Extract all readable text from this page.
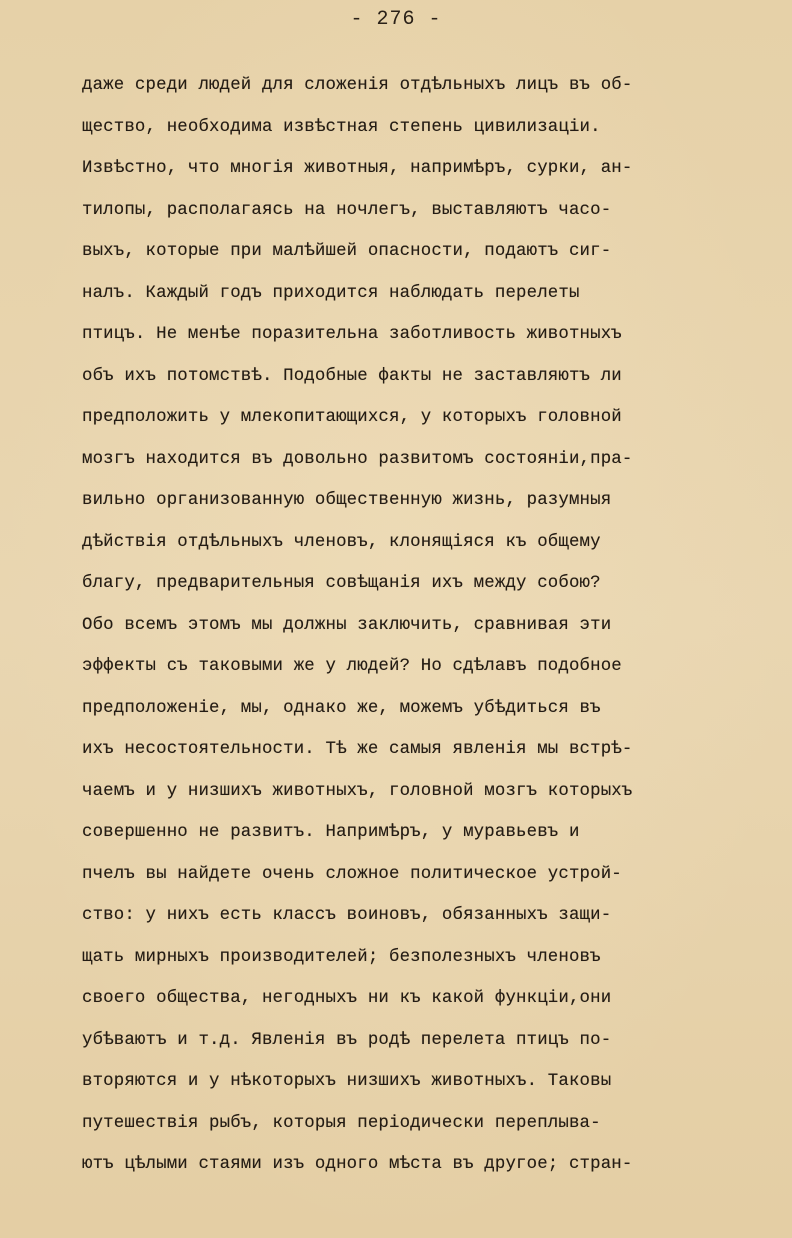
- 276 -
даже среди людей для сложенія отдѣльныхъ лицъ въ об-
щество, необходима извѣстная степень цивилизаціи.
Извѣстно, что многія животныя, напримѣръ, сурки, ан-
тилопы, располагаясь на ночлегъ, выставляютъ часо-
выхъ, которые при малѣйшей опасности, подаютъ сиг-
налъ. Каждый годъ приходится наблюдать перелеты
птицъ. Не менѣе поразительна заботливость животныхъ
объ ихъ потомствѣ. Подобные факты не заставляютъ ли
предположить у млекопитающихся, у которыхъ головной
мозгъ находится въ довольно развитомъ состояніи,пра-
вильно организованную общественную жизнь, разумныя
дѣйствія отдѣльныхъ членовъ, клонящіяся къ общему
благу, предварительныя совѣщанія ихъ между собою?
Обо всемъ этомъ мы должны заключить, сравнивая эти
эффекты съ таковыми же у людей? Но сдѣлавъ подобное
предположеніе, мы, однако же, можемъ убѣдиться въ
ихъ несостоятельности. Тѣ же самыя явленія мы встрѣ-
чаемъ и у низшихъ животныхъ, головной мозгъ которыхъ
совершенно не развитъ. Напримѣръ, у муравьевъ и
пчелъ вы найдете очень сложное политическое устрой-
ство: у нихъ есть классъ воиновъ, обязанныхъ защи-
щать мирныхъ производителей; безполезныхъ членовъ
своего общества, негодныхъ ни къ какой функціи,они
убѣваютъ и т.д. Явленія въ родѣ перелета птицъ по-
вторяются и у нѣкоторыхъ низшихъ животныхъ. Таковы
путешествія рыбъ, которыя періодически переплыва-
ютъ цѣлыми стаями изъ одного мѣста въ другое; стран-
